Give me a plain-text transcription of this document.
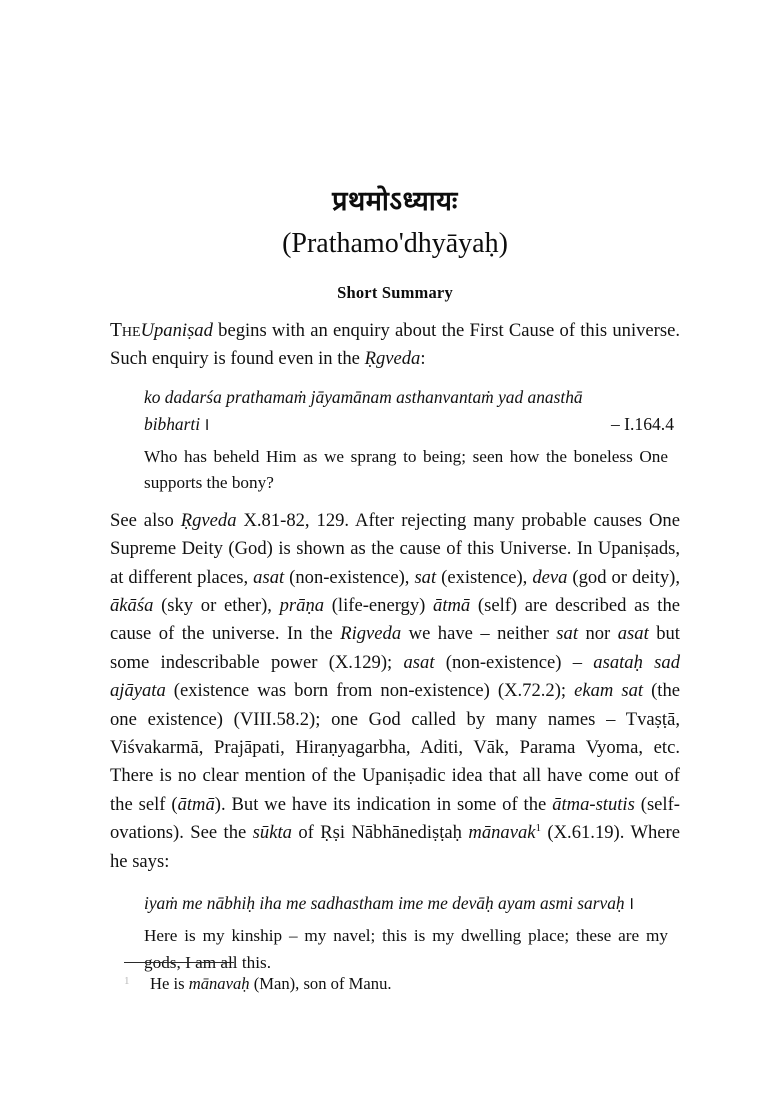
प्रथमोऽध्यायः
(Prathamo'dhyāyaḥ)
Short Summary

TheUpaniṣad begins with an enquiry about the First Cause of this universe. Such enquiry is found even in the Ṛgveda:

ko dadarśa prathamaṁ jāyamānam asthanvantaṁ yad anasthā
bibharti ।	– I.164.4

Who has beheld Him as we sprang to being; seen how the boneless One supports the bony?

See also Ṛgveda X.81-82, 129. After rejecting many probable causes One Supreme Deity (God) is shown as the cause of this Universe. In Upaniṣads, at different places, asat (non-existence), sat (existence), deva (god or deity), ākāśa (sky or ether), prāṇa (life-energy) ātmā (self) are described as the cause of the universe. In the Rigveda we have – neither sat nor asat but some indescribable power (X.129); asat (non-existence) – asataḥ sad ajāyata (existence was born from non-existence) (X.72.2); ekam sat (the one existence) (VIII.58.2); one God called by many names – Tvaṣṭā, Viśvakarmā, Prajāpati, Hiraṇyagarbha, Aditi, Vāk, Parama Vyoma, etc. There is no clear mention of the Upaniṣadic idea that all have come out of the self (ātmā). But we have its indication in some of the ātma-stutis (self-ovations). See the sūkta of Ṛṣi Nābhānediṣṭaḥ mānavak$^1$ (X.61.19). Where he says:

iyaṁ me nābhiḥ iha me sadhastham ime me devāḥ ayam asmi sarvaḥ ।

Here is my kinship – my navel; this is my dwelling place; these are my gods, I am all this.

1	He is mānavaḥ (Man), son of Manu.
